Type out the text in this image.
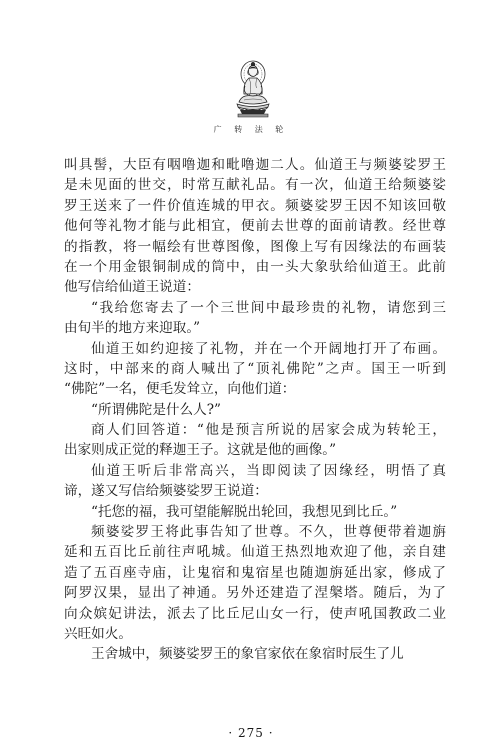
广 转 法 轮
叫具髻，大臣有咽噜迦和毗噜迦二人。仙道王与频婆娑罗王
是未见面的世交，时常互献礼品。有一次，仙道王给频婆娑
罗王送来了一件价值连城的甲衣。频婆娑罗王因不知该回敬
他何等礼物才能与此相宜，便前去世尊的面前请教。经世尊
的指教，将一幅绘有世尊图像，图像上写有因缘法的布画装
在一个用金银铜制成的筒中，由一头大象驮给仙道王。此前
他写信给仙道王说道：
“我给您寄去了一个三世间中最珍贵的礼物，请您到三
由旬半的地方来迎取。”
仙道王如约迎接了礼物，并在一个开阔地打开了布画。
这时，中部来的商人喊出了“顶礼佛陀”之声。国王一听到
“佛陀”一名，便毛发耸立，向他们道：
“所谓佛陀是什么人?”
商人们回答道：“他是预言所说的居家会成为转轮王，
出家则成正觉的释迦王子。这就是他的画像。”
仙道王听后非常高兴，当即阅读了因缘经，明悟了真
谛，遂又写信给频婆娑罗王说道：
“托您的福，我可望能解脱出轮回，我想见到比丘。”
频婆娑罗王将此事告知了世尊。不久，世尊便带着迦旃
延和五百比丘前往声吼城。仙道王热烈地欢迎了他，亲自建
造了五百座寺庙，让鬼宿和鬼宿星也随迦旃延出家，修成了
阿罗汉果，显出了神通。另外还建造了涅槃塔。随后，为了
向众嫔妃讲法，派去了比丘尼山女一行，使声吼国教政二业
兴旺如火。
王舍城中，频婆娑罗王的象官家依在象宿时辰生了儿
· 275 ·
